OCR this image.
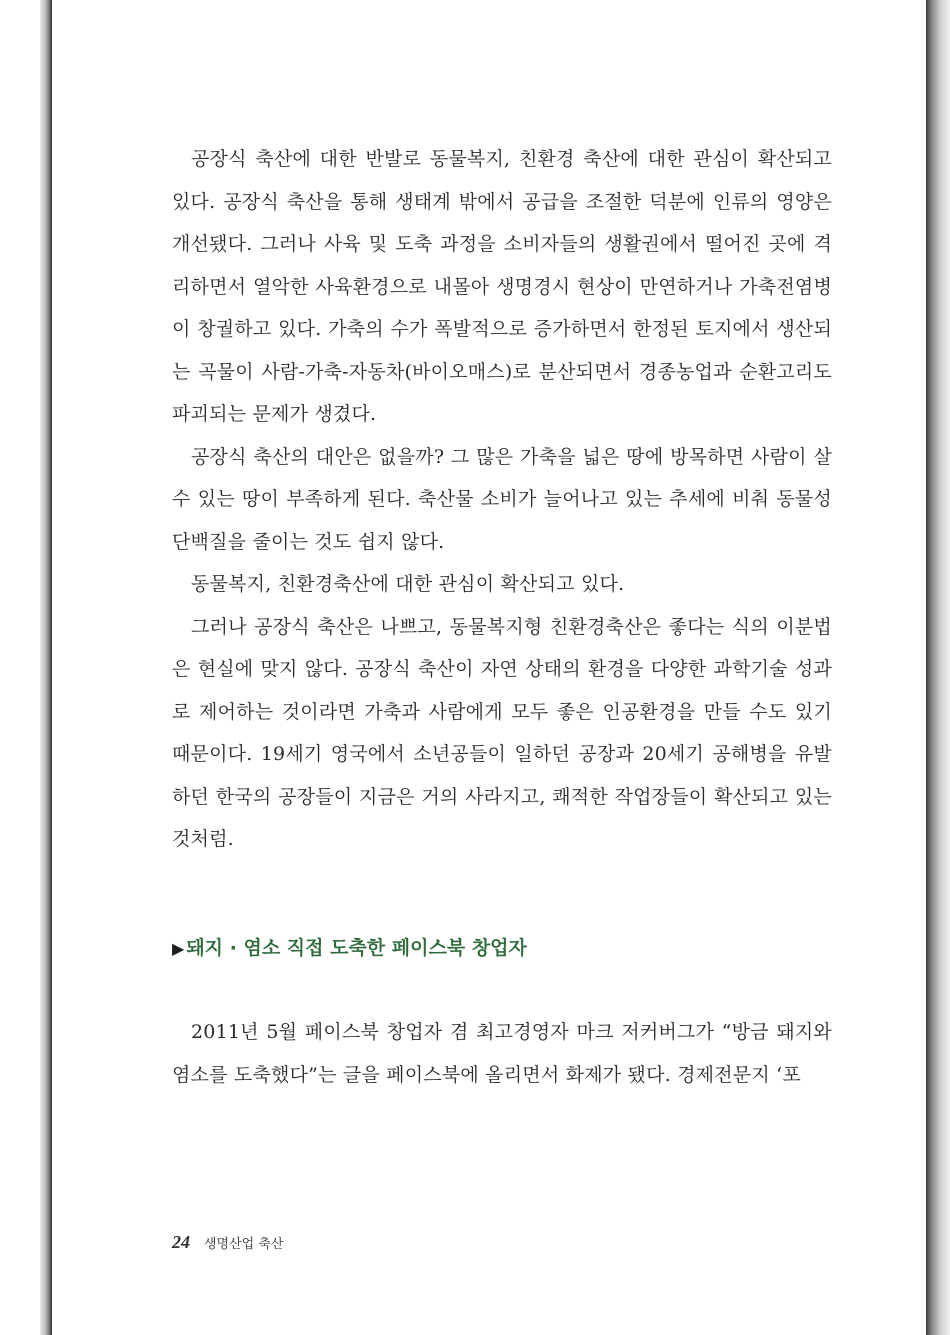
공장식 축산에 대한 반발로 동물복지, 친환경 축산에 대한 관심이 확산되고 있다. 공장식 축산을 통해 생태계 밖에서 공급을 조절한 덕분에 인류의 영양은 개선됐다. 그러나 사육 및 도축 과정을 소비자들의 생활권에서 떨어진 곳에 격리하면서 열악한 사육환경으로 내몰아 생명경시 현상이 만연하거나 가축전염병이 창궐하고 있다. 가축의 수가 폭발적으로 증가하면서 한정된 토지에서 생산되는 곡물이 사람-가축-자동차(바이오매스)로 분산되면서 경종농업과 순환고리도 파괴되는 문제가 생겼다.

공장식 축산의 대안은 없을까? 그 많은 가축을 넓은 땅에 방목하면 사람이 살 수 있는 땅이 부족하게 된다. 축산물 소비가 늘어나고 있는 추세에 비춰 동물성 단백질을 줄이는 것도 쉽지 않다.

동물복지, 친환경축산에 대한 관심이 확산되고 있다.

그러나 공장식 축산은 나쁘고, 동물복지형 친환경축산은 좋다는 식의 이분법은 현실에 맞지 않다. 공장식 축산이 자연 상태의 환경을 다양한 과학기술 성과로 제어하는 것이라면 가축과 사람에게 모두 좋은 인공환경을 만들 수도 있기 때문이다. 19세기 영국에서 소년공들이 일하던 공장과 20세기 공해병을 유발하던 한국의 공장들이 지금은 거의 사라지고, 쾌적한 작업장들이 확산되고 있는 것처럼.

▶ 돼지 · 염소 직접 도축한 페이스북 창업자

2011년 5월 페이스북 창업자 겸 최고경영자 마크 저커버그가 “방금 돼지와 염소를 도축했다”는 글을 페이스북에 올리면서 화제가 됐다. 경제전문지 ‘포

24 생명산업 축산
